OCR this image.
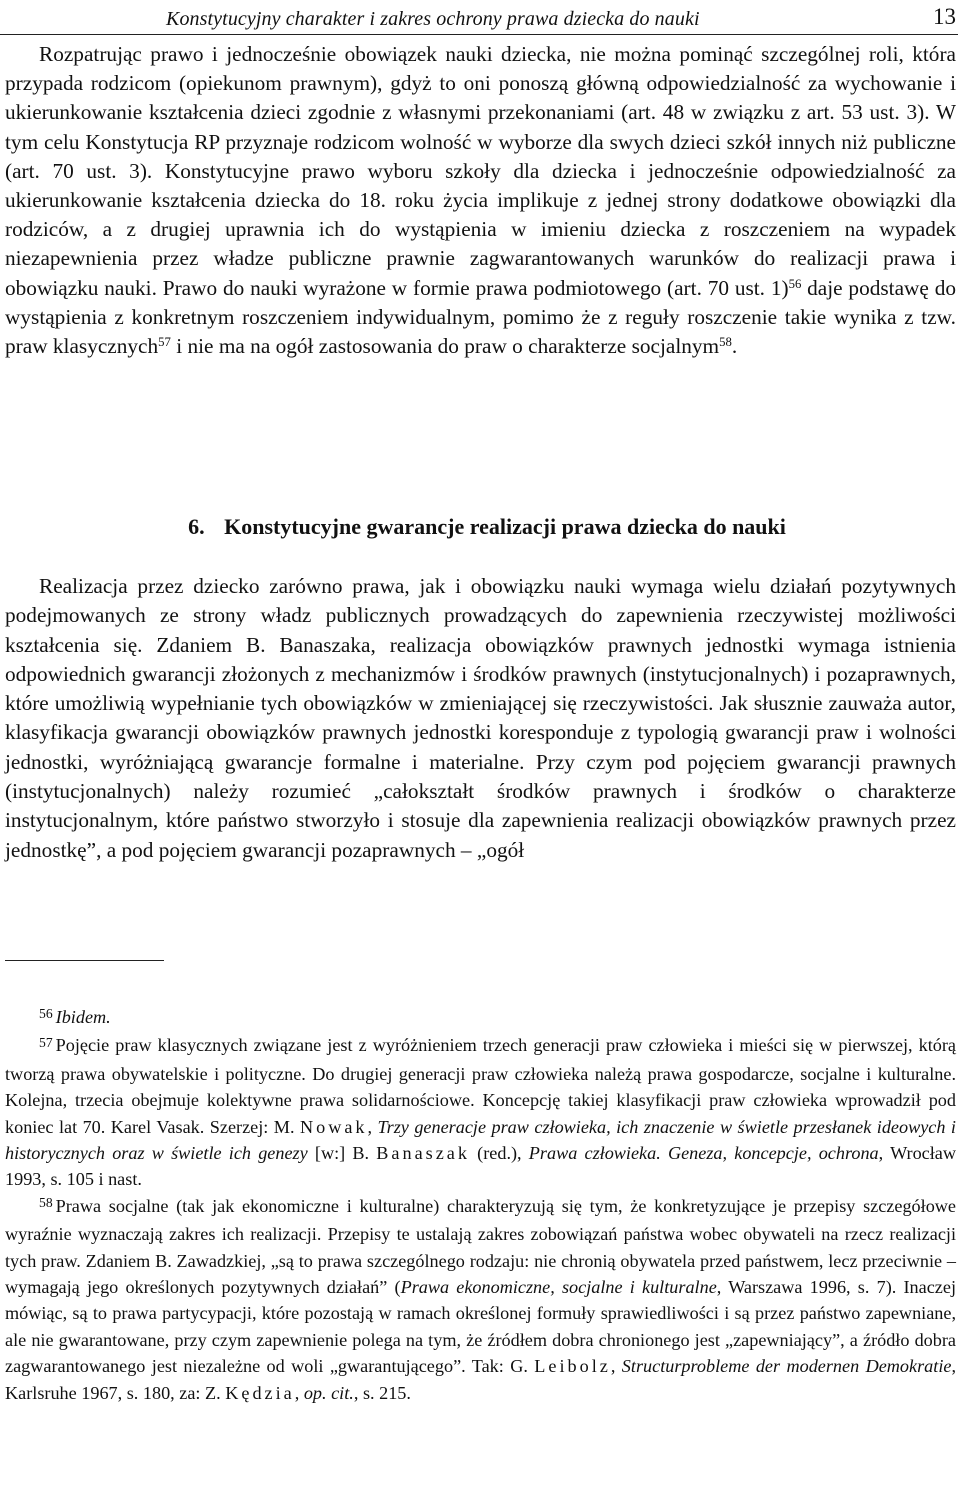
Konstytucyjny charakter i zakres ochrony prawa dziecka do nauki	13

Rozpatrując prawo i jednocześnie obowiązek nauki dziecka, nie można pominąć szczególnej roli, która przypada rodzicom (opiekunom prawnym), gdyż to oni ponoszą główną odpowiedzialność za wychowanie i ukierunkowanie kształcenia dzieci zgodnie z własnymi przekonaniami (art. 48 w związku z art. 53 ust. 3). W tym celu Konstytucja RP przyznaje rodzicom wolność w wyborze dla swych dzieci szkół innych niż publiczne (art. 70 ust. 3). Konstytucyjne prawo wyboru szkoły dla dziecka i jednocześnie odpowiedzialność za ukierunkowanie kształcenia dziecka do 18. roku życia implikuje z jednej strony dodatkowe obowiązki dla rodziców, a z drugiej uprawnia ich do wystąpienia w imieniu dziecka z roszczeniem na wypadek niezapewnienia przez władze publiczne prawnie zagwarantowanych warunków do realizacji prawa i obowiązku nauki. Prawo do nauki wyrażone w formie prawa podmiotowego (art. 70 ust. 1)$^{56}$ daje podstawę do wystąpienia z konkretnym roszczeniem indywidualnym, pomimo że z reguły roszczenie takie wynika z tzw. praw klasycznych$^{57}$ i nie ma na ogół zastosowania do praw o charakterze socjalnym$^{58}$.

6. Konstytucyjne gwarancje realizacji prawa dziecka do nauki

Realizacja przez dziecko zarówno prawa, jak i obowiązku nauki wymaga wielu działań pozytywnych podejmowanych ze strony władz publicznych prowadzących do zapewnienia rzeczywistej możliwości kształcenia się. Zdaniem B. Banaszaka, realizacja obowiązków prawnych jednostki wymaga istnienia odpowiednich gwarancji złożonych z mechanizmów i środków prawnych (instytucjonalnych) i pozaprawnych, które umożliwią wypełnianie tych obowiązków w zmieniającej się rzeczywistości. Jak słusznie zauważa autor, klasyfikacja gwarancji obowiązków prawnych jednostki koresponduje z typologią gwarancji praw i wolności jednostki, wyróżniającą gwarancje formalne i materialne. Przy czym pod pojęciem gwarancji prawnych (instytucjonalnych) należy rozumieć „całokształt środków prawnych i środków o charakterze instytucjonalnym, które państwo stworzyło i stosuje dla zapewnienia realizacji obowiązków prawnych przez jednostkę”, a pod pojęciem gwarancji pozaprawnych – „ogół

$^{56}$ Ibidem.

$^{57}$ Pojęcie praw klasycznych związane jest z wyróżnieniem trzech generacji praw człowieka i mieści się w pierwszej, którą tworzą prawa obywatelskie i polityczne. Do drugiej generacji praw człowieka należą prawa gospodarcze, socjalne i kulturalne. Kolejna, trzecia obejmuje kolektywne prawa solidarnościowe. Koncepcję takiej klasyfikacji praw człowieka wprowadził pod koniec lat 70. Karel Vasak. Szerzej: M. Nowak, Trzy generacje praw człowieka, ich znaczenie w świetle przesłanek ideowych i historycznych oraz w świetle ich genezy [w:] B. Banaszak (red.), Prawa człowieka. Geneza, koncepcje, ochrona, Wrocław 1993, s. 105 i nast.

$^{58}$ Prawa socjalne (tak jak ekonomiczne i kulturalne) charakteryzują się tym, że konkretyzujące je przepisy szczegółowe wyraźnie wyznaczają zakres ich realizacji. Przepisy te ustalają zakres zobowiązań państwa wobec obywateli na rzecz realizacji tych praw. Zdaniem B. Zawadzkiej, „są to prawa szczególnego rodzaju: nie chronią obywatela przed państwem, lecz przeciwnie – wymagają jego określonych pozytywnych działań” (Prawa ekonomiczne, socjalne i kulturalne, Warszawa 1996, s. 7). Inaczej mówiąc, są to prawa partycypacji, które pozostają w ramach określonej formuły sprawiedliwości i są przez państwo zapewniane, ale nie gwarantowane, przy czym zapewnienie polega na tym, że źródłem dobra chronionego jest „zapewniający”, a źródło dobra zagwarantowanego jest niezależne od woli „gwarantującego”. Tak: G. Leibolz, Structurprobleme der modernen Demokratie, Karlsruhe 1967, s. 180, za: Z. Kędzia, op. cit., s. 215.
